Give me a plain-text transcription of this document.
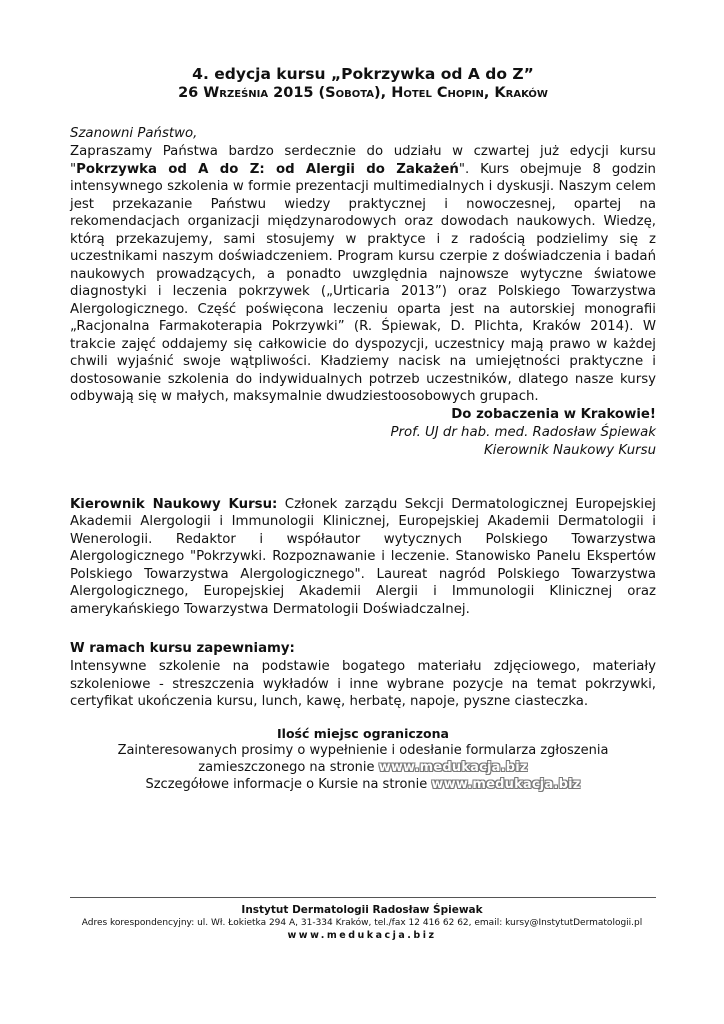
4. edycja kursu „Pokrzywka od A do Z”
26 Września 2015 (Sobota), Hotel Chopin, Kraków
Szanowni Państwo,

Zapraszamy Państwa bardzo serdecznie do udziału w czwartej już edycji kursu "Pokrzywka od A do Z: od Alergii do Zakażeń". Kurs obejmuje 8 godzin intensywnego szkolenia w formie prezentacji multimedialnych i dyskusji. Naszym celem jest przekazanie Państwu wiedzy praktycznej i nowoczesnej, opartej na rekomendacjach organizacji międzynarodowych oraz dowodach naukowych. Wiedzę, którą przekazujemy, sami stosujemy w praktyce i z radością podzielimy się z uczestnikami naszym doświadczeniem. Program kursu czerpie z doświadczenia i badań naukowych prowadzących, a ponadto uwzględnia najnowsze wytyczne światowe diagnostyki i leczenia pokrzywek („Urticaria 2013”) oraz Polskiego Towarzystwa Alergologicznego. Część poświęcona leczeniu oparta jest na autorskiej monografii „Racjonalna Farmakoterapia Pokrzywki” (R. Śpiewak, D. Plichta, Kraków 2014). W trakcie zajęć oddajemy się całkowicie do dyspozycji, uczestnicy mają prawo w każdej chwili wyjaśnić swoje wątpliwości. Kładziemy nacisk na umiejętności praktyczne i dostosowanie szkolenia do indywidualnych potrzeb uczestników, dlatego nasze kursy odbywają się w małych, maksymalnie dwudziestoosobowych grupach.

Do zobaczenia w Krakowie!
Prof. UJ dr hab. med. Radosław Śpiewak
Kierownik Naukowy Kursu

Kierownik Naukowy Kursu: Członek zarządu Sekcji Dermatologicznej Europejskiej Akademii Alergologii i Immunologii Klinicznej, Europejskiej Akademii Dermatologii i Wenerologii. Redaktor i współautor wytycznych Polskiego Towarzystwa Alergologicznego "Pokrzywki. Rozpoznawanie i leczenie. Stanowisko Panelu Ekspertów Polskiego Towarzystwa Alergologicznego". Laureat nagród Polskiego Towarzystwa Alergologicznego, Europejskiej Akademii Alergii i Immunologii Klinicznej oraz amerykańskiego Towarzystwa Dermatologii Doświadczalnej.

W ramach kursu zapewniamy:

Intensywne szkolenie na podstawie bogatego materiału zdjęciowego, materiały szkoleniowe - streszczenia wykładów i inne wybrane pozycje na temat pokrzywki, certyfikat ukończenia kursu, lunch, kawę, herbatę, napoje, pyszne ciasteczka.

Ilość miejsc ograniczona
Zainteresowanych prosimy o wypełnienie i odesłanie formularza zgłoszenia
zamieszczonego na stronie www.medukacja.biz
Szczegółowe informacje o Kursie na stronie www.medukacja.biz
Instytut Dermatologii Radosław Śpiewak
Adres korespondencyjny: ul. Wł. Łokietka 294 A, 31-334 Kraków, tel./fax 12 416 62 62, email: kursy@InstytutDermatologii.pl
www.medukacja.biz
